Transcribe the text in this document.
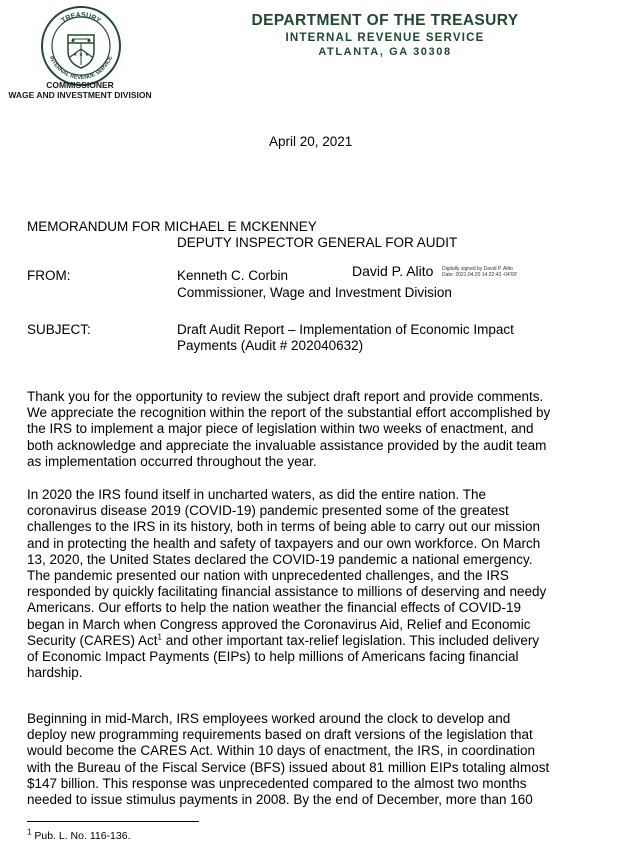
TREASURY
INTERNAL REVENUE SERVICE
★ ★ ★
COMMISSIONER
WAGE AND INVESTMENT DIVISION
DEPARTMENT OF THE TREASURY
INTERNAL REVENUE SERVICE
ATLANTA, GA 30308
April 20, 2021
MEMORANDUM FOR MICHAEL E MCKENNEY
DEPUTY INSPECTOR GENERAL FOR AUDIT
FROM:	Kenneth C. Corbin	David P. Alito Digitally signed by David P. Alito
Date: 2021.04.20 14:22:43 -04'00'
Commissioner, Wage and Investment Division
SUBJECT:	Draft Audit Report – Implementation of Economic Impact
Payments (Audit # 202040632)
Thank you for the opportunity to review the subject draft report and provide comments.
We appreciate the recognition within the report of the substantial effort accomplished by
the IRS to implement a major piece of legislation within two weeks of enactment, and
both acknowledge and appreciate the invaluable assistance provided by the audit team
as implementation occurred throughout the year.
In 2020 the IRS found itself in uncharted waters, as did the entire nation. The
coronavirus disease 2019 (COVID-19) pandemic presented some of the greatest
challenges to the IRS in its history, both in terms of being able to carry out our mission
and in protecting the health and safety of taxpayers and our own workforce. On March
13, 2020, the United States declared the COVID-19 pandemic a national emergency.
The pandemic presented our nation with unprecedented challenges, and the IRS
responded by quickly facilitating financial assistance to millions of deserving and needy
Americans. Our efforts to help the nation weather the financial effects of COVID-19
began in March when Congress approved the Coronavirus Aid, Relief and Economic
Security (CARES) Act$^1$ and other important tax-relief legislation. This included delivery
of Economic Impact Payments (EIPs) to help millions of Americans facing financial
hardship.
Beginning in mid-March, IRS employees worked around the clock to develop and
deploy new programming requirements based on draft versions of the legislation that
would become the CARES Act. Within 10 days of enactment, the IRS, in coordination
with the Bureau of the Fiscal Service (BFS) issued about 81 million EIPs totaling almost
$147 billion. This response was unprecedented compared to the almost two months
needed to issue stimulus payments in 2008. By the end of December, more than 160
$^1$ Pub. L. No. 116-136.
